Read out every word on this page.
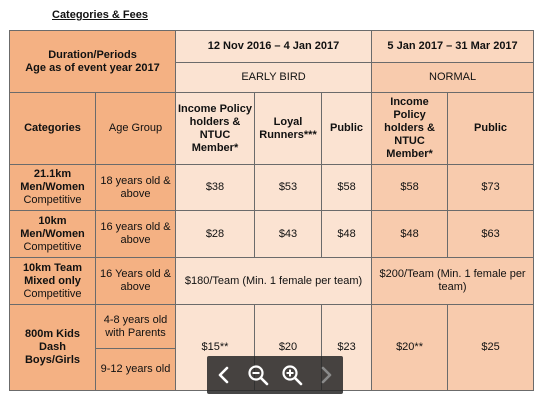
Categories & Fees
Duration/Periods
Age as of event year 2017		12 Nov 2016 – 4 Jan 2017			5 Jan 2017 – 31 Mar 2017	
		EARLY BIRD			NORMAL	
Categories	Age Group	Income Policy holders & NTUC Member*	Loyal Runners***	Public	Income Policy holders & NTUC Member*	Public

21.1km Men/Women
Competitive	18 years old & above	$38	$53	$58	$58	$73

10km Men/Women
Competitive	16 years old & above	$28	$43	$48	$48	$63

10km Team Mixed only
Competitive	16 Years old & above	$180/Team (Min. 1 female per team)			$200/Team (Min. 1 female per team)	
800m Kids Dash Boys/Girls	4-8 years old with Parents	$15**	$20	$23	$20**	$25
	9-12 years old					
